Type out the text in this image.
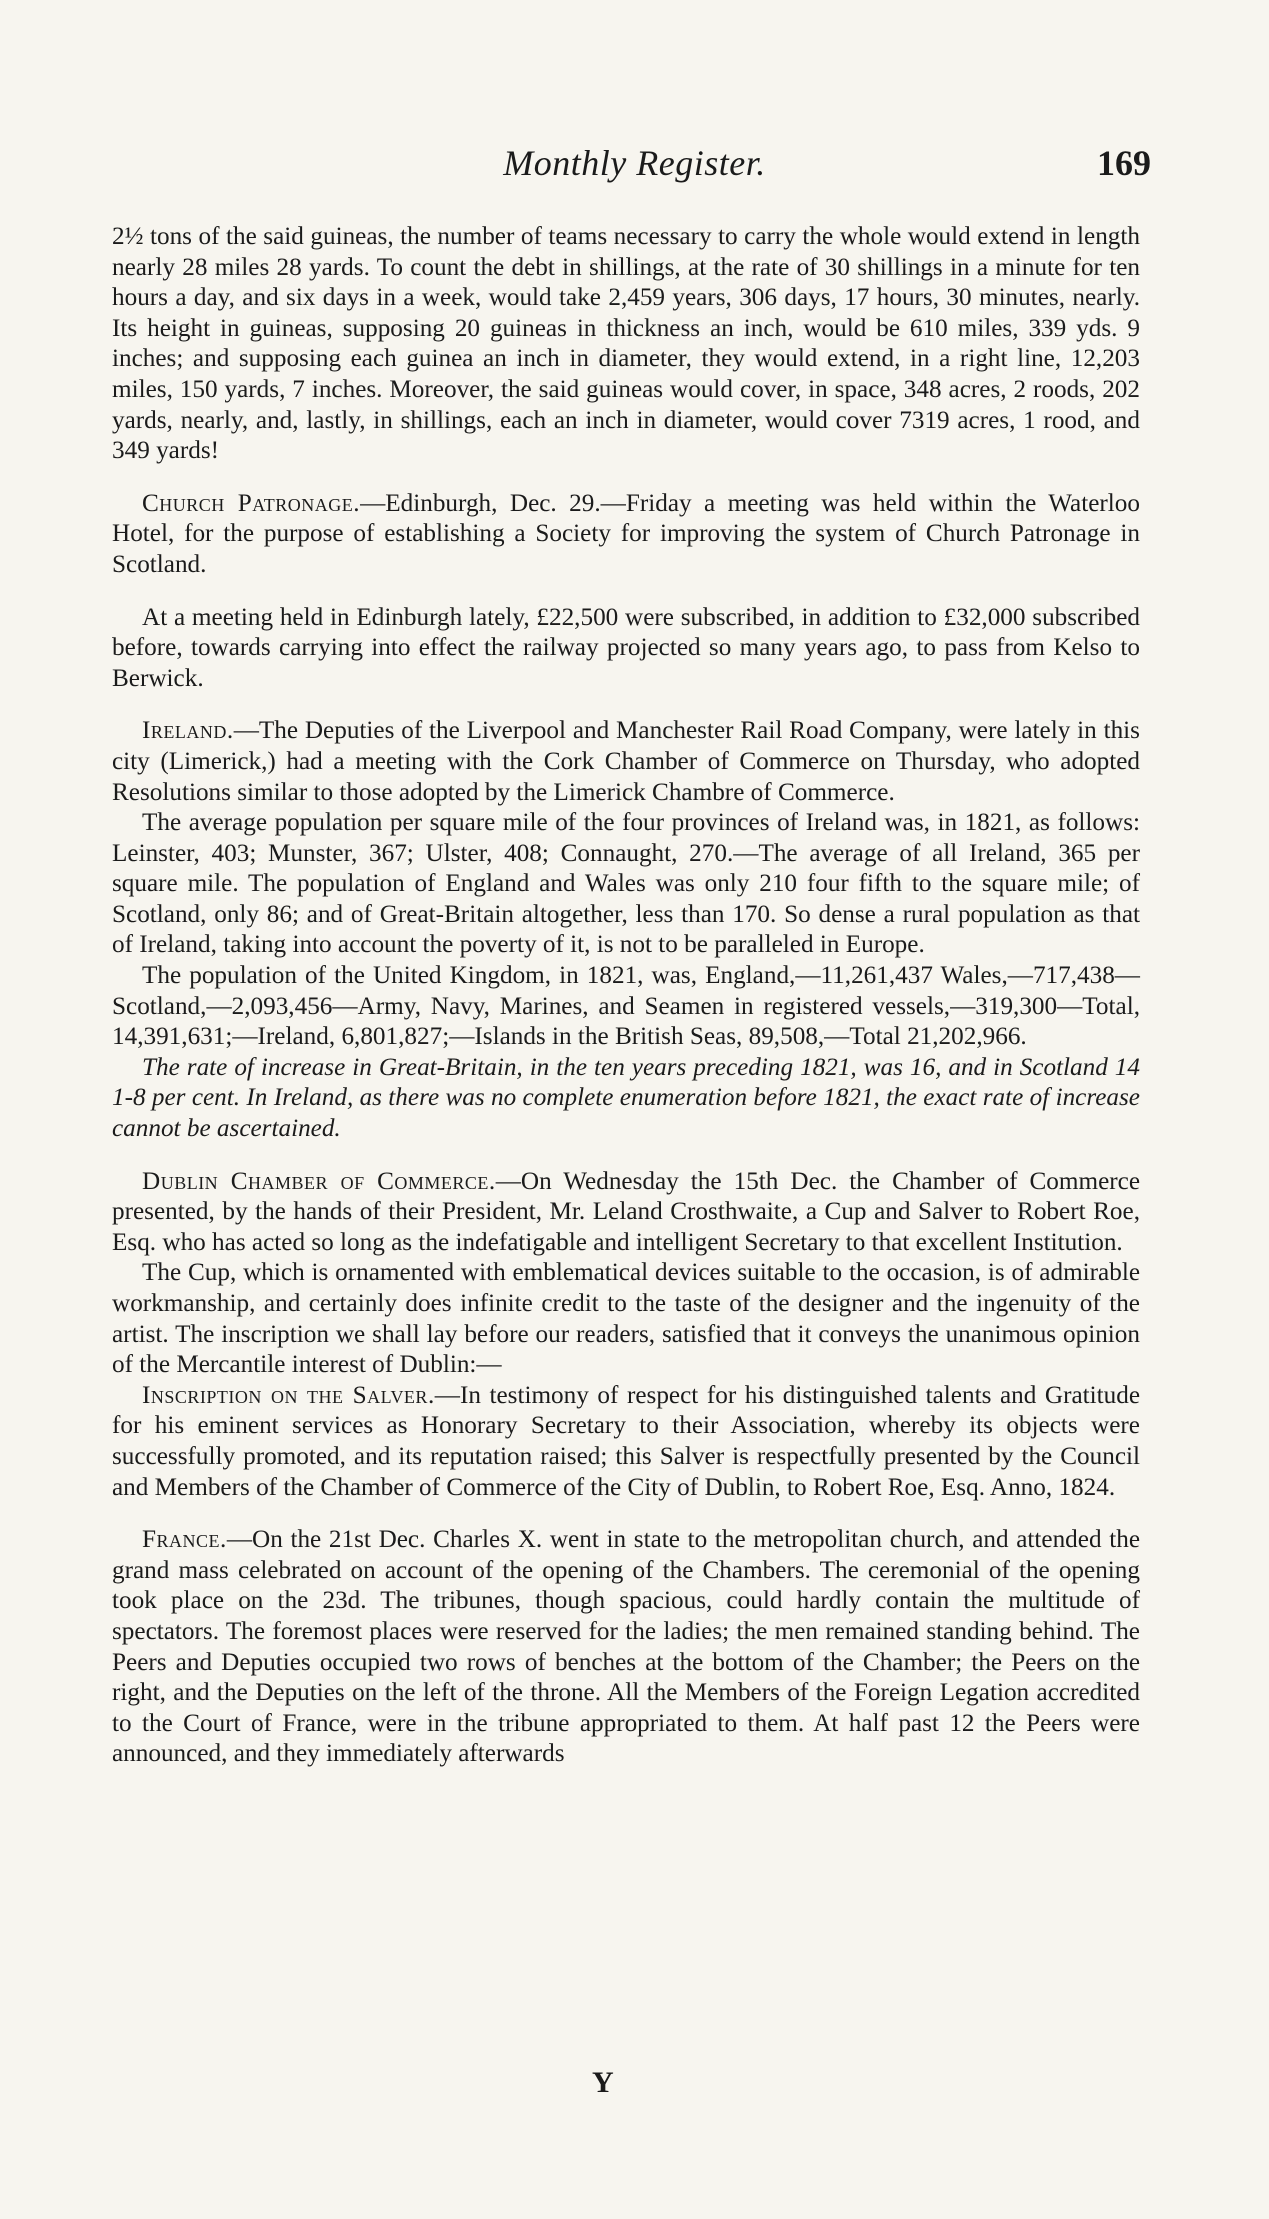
Monthly Register.	169

2½ tons of the said guineas, the number of teams necessary to carry the whole would extend in length nearly 28 miles 28 yards. To count the debt in shillings, at the rate of 30 shillings in a minute for ten hours a day, and six days in a week, would take 2,459 years, 306 days, 17 hours, 30 minutes, nearly. Its height in guineas, supposing 20 guineas in thickness an inch, would be 610 miles, 339 yds. 9 inches; and supposing each guinea an inch in diameter, they would extend, in a right line, 12,203 miles, 150 yards, 7 inches. Moreover, the said guineas would cover, in space, 348 acres, 2 roods, 202 yards, nearly, and, lastly, in shillings, each an inch in diameter, would cover 7319 acres, 1 rood, and 349 yards!

Church Patronage.—Edinburgh, Dec. 29.—Friday a meeting was held within the Waterloo Hotel, for the purpose of establishing a Society for improving the system of Church Patronage in Scotland.

At a meeting held in Edinburgh lately, £22,500 were subscribed, in addition to £32,000 subscribed before, towards carrying into effect the railway projected so many years ago, to pass from Kelso to Berwick.

Ireland.—The Deputies of the Liverpool and Manchester Rail Road Company, were lately in this city (Limerick,) had a meeting with the Cork Chamber of Commerce on Thursday, who adopted Resolutions similar to those adopted by the Limerick Chambre of Commerce.

The average population per square mile of the four provinces of Ireland was, in 1821, as follows: Leinster, 403; Munster, 367; Ulster, 408; Connaught, 270.—The average of all Ireland, 365 per square mile. The population of England and Wales was only 210 four fifth to the square mile; of Scotland, only 86; and of Great-Britain altogether, less than 170. So dense a rural population as that of Ireland, taking into account the poverty of it, is not to be paralleled in Europe.

The population of the United Kingdom, in 1821, was, England,—11,261,437 Wales,—717,438—Scotland,—2,093,456—Army, Navy, Marines, and Seamen in registered vessels,—319,300—Total, 14,391,631;—Ireland, 6,801,827;—Islands in the British Seas, 89,508,—Total 21,202,966.

The rate of increase in Great-Britain, in the ten years preceding 1821, was 16, and in Scotland 14 1-8 per cent. In Ireland, as there was no complete enumeration before 1821, the exact rate of increase cannot be ascertained.

Dublin Chamber of Commerce.—On Wednesday the 15th Dec. the Chamber of Commerce presented, by the hands of their President, Mr. Leland Crosthwaite, a Cup and Salver to Robert Roe, Esq. who has acted so long as the indefatigable and intelligent Secretary to that excellent Institution.

The Cup, which is ornamented with emblematical devices suitable to the occasion, is of admirable workmanship, and certainly does infinite credit to the taste of the designer and the ingenuity of the artist. The inscription we shall lay before our readers, satisfied that it conveys the unanimous opinion of the Mercantile interest of Dublin:—

Inscription on the Salver.—In testimony of respect for his distinguished talents and Gratitude for his eminent services as Honorary Secretary to their Association, whereby its objects were successfully promoted, and its reputation raised; this Salver is respectfully presented by the Council and Members of the Chamber of Commerce of the City of Dublin, to Robert Roe, Esq. Anno, 1824.

France.—On the 21st Dec. Charles X. went in state to the metropolitan church, and attended the grand mass celebrated on account of the opening of the Chambers. The ceremonial of the opening took place on the 23d. The tribunes, though spacious, could hardly contain the multitude of spectators. The foremost places were reserved for the ladies; the men remained standing behind. The Peers and Deputies occupied two rows of benches at the bottom of the Chamber; the Peers on the right, and the Deputies on the left of the throne. All the Members of the Foreign Legation accredited to the Court of France, were in the tribune appropriated to them. At half past 12 the Peers were announced, and they immediately afterwards

Y
